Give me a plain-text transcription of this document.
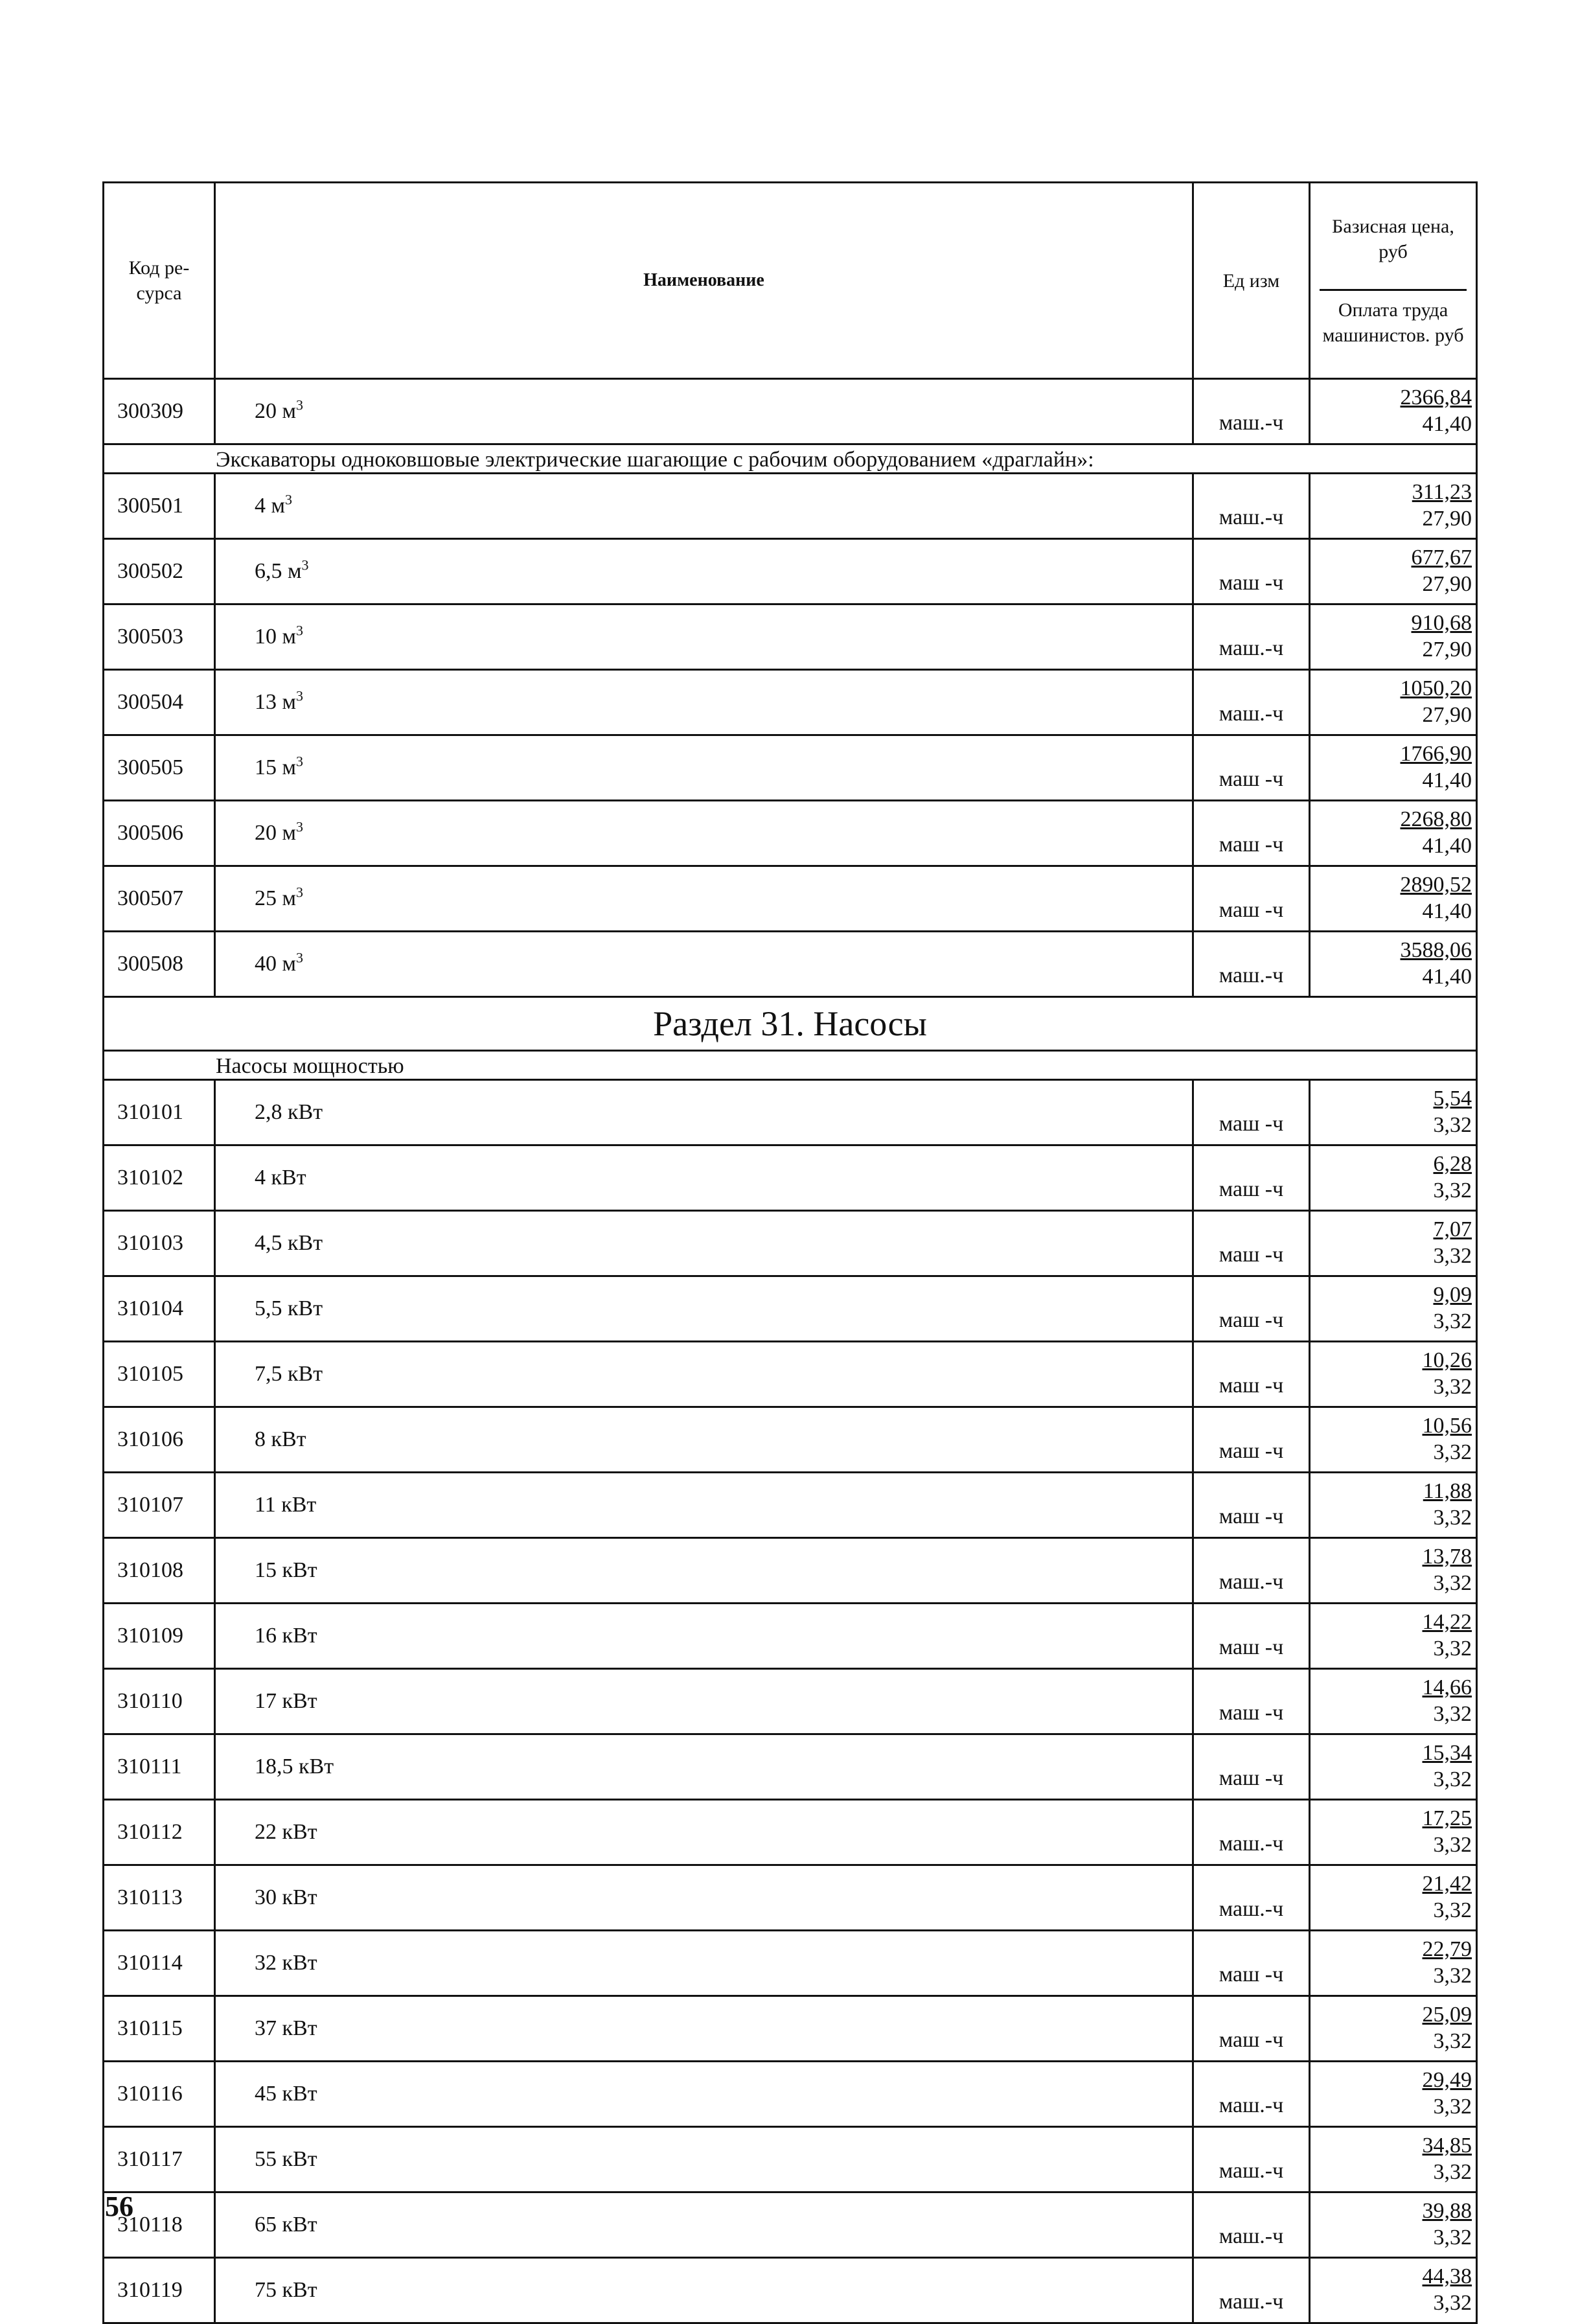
Код ре- сурса	Наименование	Ед изм	Базисная цена, руб
Оплата труда машинистов. руб

300309	20 $м^3$	маш.-ч	2366,84
41,40

Экскаваторы одноковшовые электрические шагающие с рабочим оборудованием «драглайн»:			
300501	4 $м^3$	маш.-ч	311,23
27,90

300502	6,5 $м^3$	маш -ч	677,67
27,90

300503	10 $м^3$	маш.-ч	910,68
27,90

300504	13 $м^3$	маш.-ч	1050,20
27,90

300505	15 $м^3$	маш -ч	1766,90
41,40

300506	20 $м^3$	маш -ч	2268,80
41,40

300507	25 $м^3$	маш -ч	2890,52
41,40

300508	40 $м^3$	маш.-ч	3588,06
41,40

Раздел 31. Насосы			
Насосы мощностью			
310101	2,8 кВт	маш -ч	5,54
3,32

310102	4 кВт	маш -ч	6,28
3,32

310103	4,5 кВт	маш -ч	7,07
3,32

310104	5,5 кВт	маш -ч	9,09
3,32

310105	7,5 кВт	маш -ч	10,26
3,32

310106	8 кВт	маш -ч	10,56
3,32

310107	11 кВт	маш -ч	11,88
3,32

310108	15 кВт	маш.-ч	13,78
3,32

310109	16 кВт	маш -ч	14,22
3,32

310110	17 кВт	маш -ч	14,66
3,32

310111	18,5 кВт	маш -ч	15,34
3,32

310112	22 кВт	маш.-ч	17,25
3,32

310113	30 кВт	маш.-ч	21,42
3,32

310114	32 кВт	маш -ч	22,79
3,32

310115	37 кВт	маш -ч	25,09
3,32

310116	45 кВт	маш.-ч	29,49
3,32

310117	55 кВт	маш.-ч	34,85
3,32

310118	65 кВт	маш.-ч	39,88
3,32

310119	75 кВт	маш.-ч	44,38
3,32
56
